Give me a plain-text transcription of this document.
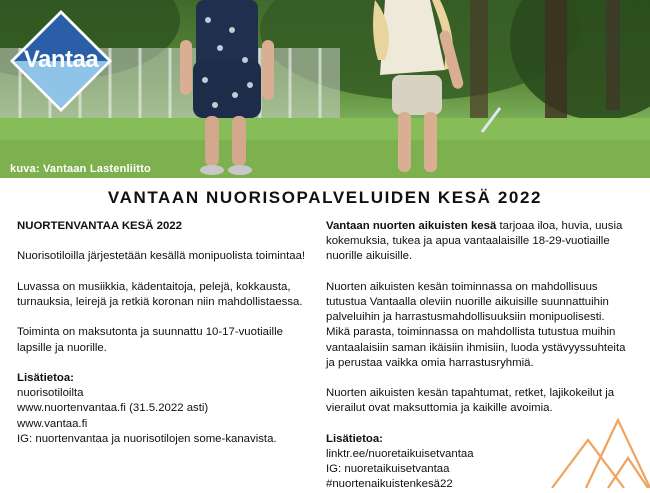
Vantaa
kuva: Vantaan Lastenliitto
VANTAAN NUORISOPALVELUIDEN KESÄ 2022

NUORTENVANTAA KESÄ 2022

Nuorisotiloilla järjestetään kesällä monipuolista toimintaa!

Luvassa on musiikkia, kädentaitoja, pelejä, kokkausta, turnauksia, leirejä ja retkiä koronan niin mahdollistaessa.

Toiminta on maksutonta ja suunnattu 10-17-vuotiaille lapsille ja nuorille.

Lisätietoa:
nuorisotiloilta
www.nuortenvantaa.fi (31.5.2022 asti)
www.vantaa.fi
IG: nuortenvantaa ja nuorisotilojen some-kanavista.

Vantaan nuorten aikuisten kesä tarjoaa iloa, huvia, uusia kokemuksia, tukea ja apua vantaalaisille 18-29-vuotiaille nuorille aikuisille.

Nuorten aikuisten kesän toiminnassa on mahdollisuus tutustua Vantaalla oleviin nuorille aikuisille suunnattuihin palveluihin ja harrastusmahdollisuuksiin monipuolisesti. Mikä parasta, toiminnassa on mahdollista tutustua muihin vantaalaisiin saman ikäisiin ihmisiin, luoda ystävyyssuhteita ja perustaa vaikka omia harrastusryhmiä.

Nuorten aikuisten kesän tapahtumat, retket, lajikokeilut ja vierailut ovat maksuttomia ja kaikille avoimia.

Lisätietoa:
linktr.ee/nuoretaikuisetvantaa
IG: nuoretaikuisetvantaa
#nuortenaikuistenkesä22
